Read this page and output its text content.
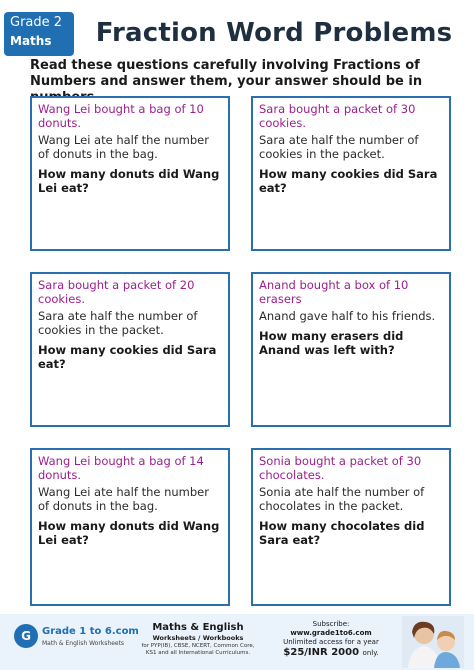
Grade 2
Maths	Fraction Word Problems
Read these questions carefully involving Fractions of Numbers and answer them, your answer should be in
Wang Lei bought a bag of 10 donuts.
Wang Lei ate half the number of donuts in the bag.
How many donuts did Wang Lei eat?
Sara bought a packet of 30 cookies.
Sara ate half the number of cookies in the packet.
How many cookies did Sara eat?
Sara bought a packet of 20 cookies.
Sara ate half the number of cookies in the packet.
How many cookies did Sara eat?
Anand bought a box of 10 erasers
Anand gave half to his friends.
How many erasers did Anand was left with?
Wang Lei bought a bag of 14 donuts.
Wang Lei ate half the number of donuts in the bag.
How many donuts did Wang Lei eat?
Sonia bought a packet of 30 chocolates.
Sonia ate half the number of chocolates in the packet.
How many chocolates did Sara eat?
G	Grade 1 to 6.com
Math & English Worksheets
Maths & English
Worksheets / Workbooks
for PYP(IB), CBSE, NCERT, Common Core, KS1 and all International Curriculums.
Subscribe:
www.grade1to6.com
Unlimited access for a year
$25/INR 2000 only.
